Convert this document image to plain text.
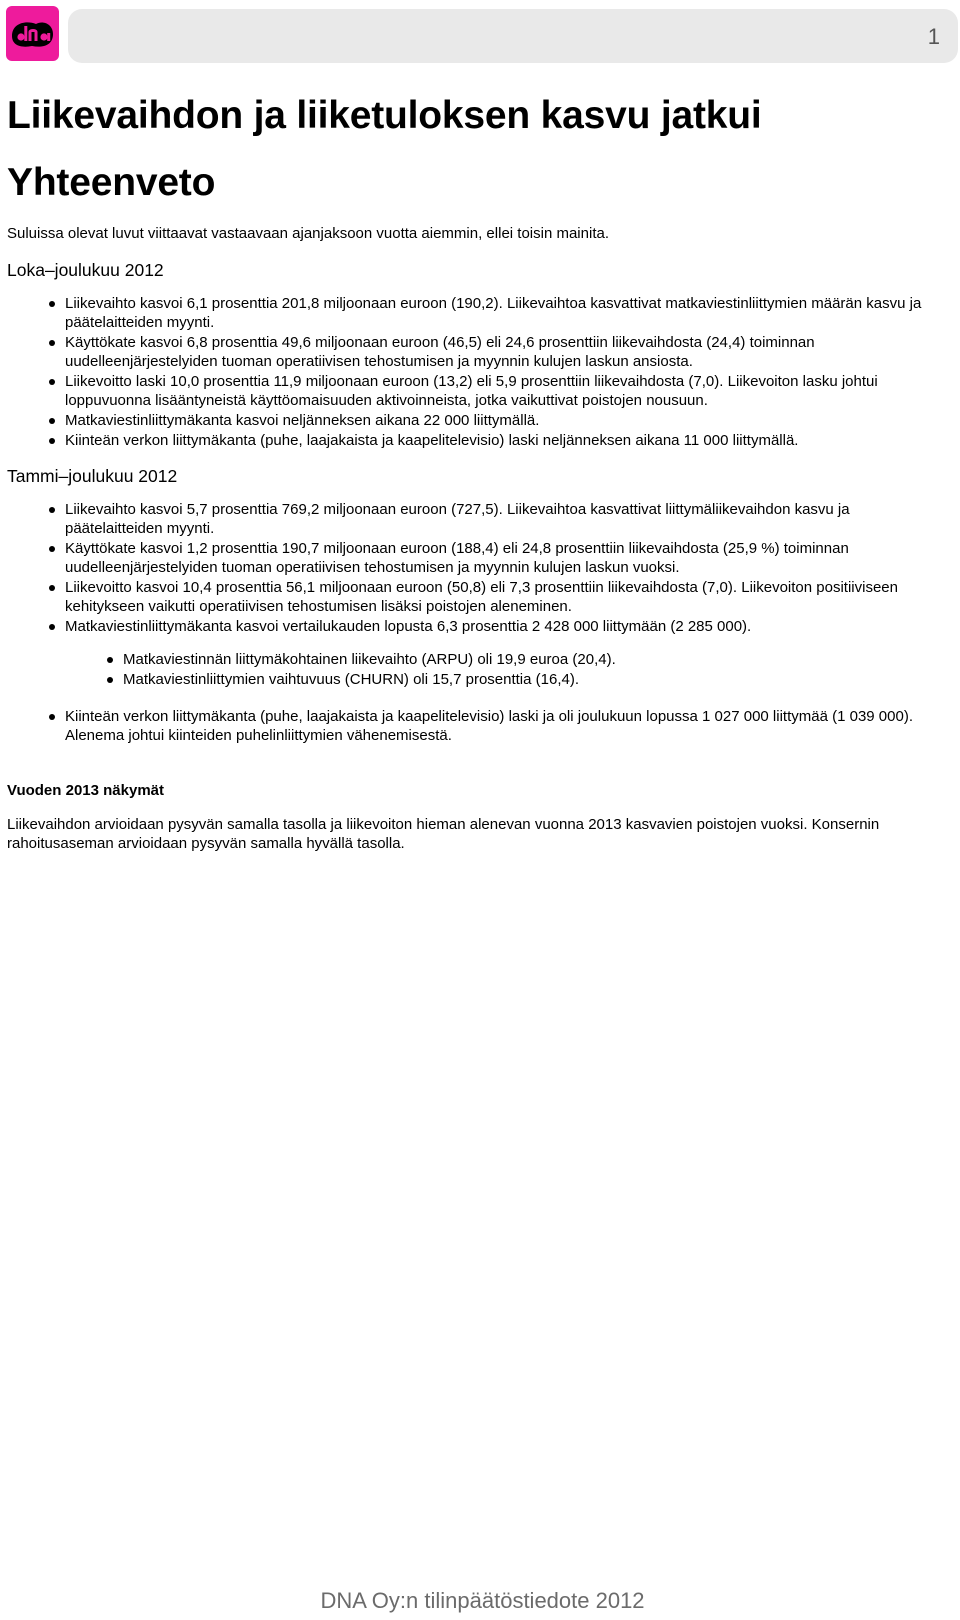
1
Liikevaihdon ja liiketuloksen kasvu jatkui
Yhteenveto

Suluissa olevat luvut viittaavat vastaavaan ajanjaksoon vuotta aiemmin, ellei toisin mainita.

Loka–joulukuu 2012
Liikevaihto kasvoi 6,1 prosenttia 201,8 miljoonaan euroon (190,2). Liikevaihtoa kasvattivat matkaviestinliittymien määrän kasvu ja päätelaitteiden myynti.
Käyttökate kasvoi 6,8 prosenttia 49,6 miljoonaan euroon (46,5) eli 24,6 prosenttiin liikevaihdosta (24,4) toiminnan uudelleenjärjestelyiden tuoman operatiivisen tehostumisen ja myynnin kulujen laskun ansiosta.
Liikevoitto laski 10,0 prosenttia 11,9 miljoonaan euroon (13,2) eli 5,9 prosenttiin liikevaihdosta (7,0). Liikevoiton lasku johtui loppuvuonna lisääntyneistä käyttöomaisuuden aktivoinneista, jotka vaikuttivat poistojen nousuun.
Matkaviestinliittymäkanta kasvoi neljänneksen aikana 22 000 liittymällä.
Kiinteän verkon liittymäkanta (puhe, laajakaista ja kaapelitelevisio) laski neljänneksen aikana 11 000 liittymällä.
Tammi–joulukuu 2012
Liikevaihto kasvoi 5,7 prosenttia 769,2 miljoonaan euroon (727,5). Liikevaihtoa kasvattivat liittymäliikevaihdon kasvu ja päätelaitteiden myynti.
Käyttökate kasvoi 1,2 prosenttia 190,7 miljoonaan euroon (188,4) eli 24,8 prosenttiin liikevaihdosta (25,9 %) toiminnan uudelleenjärjestelyiden tuoman operatiivisen tehostumisen ja myynnin kulujen laskun vuoksi.
Liikevoitto kasvoi 10,4 prosenttia 56,1 miljoonaan euroon (50,8) eli 7,3 prosenttiin liikevaihdosta (7,0). Liikevoiton positiiviseen kehitykseen vaikutti operatiivisen tehostumisen lisäksi poistojen aleneminen.
Matkaviestinliittymäkanta kasvoi vertailukauden lopusta 6,3 prosenttia 2 428 000 liittymään (2 285 000).
Matkaviestinnän liittymäkohtainen liikevaihto (ARPU) oli 19,9 euroa (20,4).
Matkaviestinliittymien vaihtuvuus (CHURN) oli 15,7 prosenttia (16,4).
Kiinteän verkon liittymäkanta (puhe, laajakaista ja kaapelitelevisio) laski ja oli joulukuun lopussa 1 027 000 liittymää (1 039 000). Alenema johtui kiinteiden puhelinliittymien vähenemisestä.
Vuoden 2013 näkymät

Liikevaihdon arvioidaan pysyvän samalla tasolla ja liikevoiton hieman alenevan vuonna 2013 kasvavien poistojen vuoksi. Konsernin rahoitusaseman arvioidaan pysyvän samalla hyvällä tasolla.

DNA Oy:n tilinpäätöstiedote 2012
